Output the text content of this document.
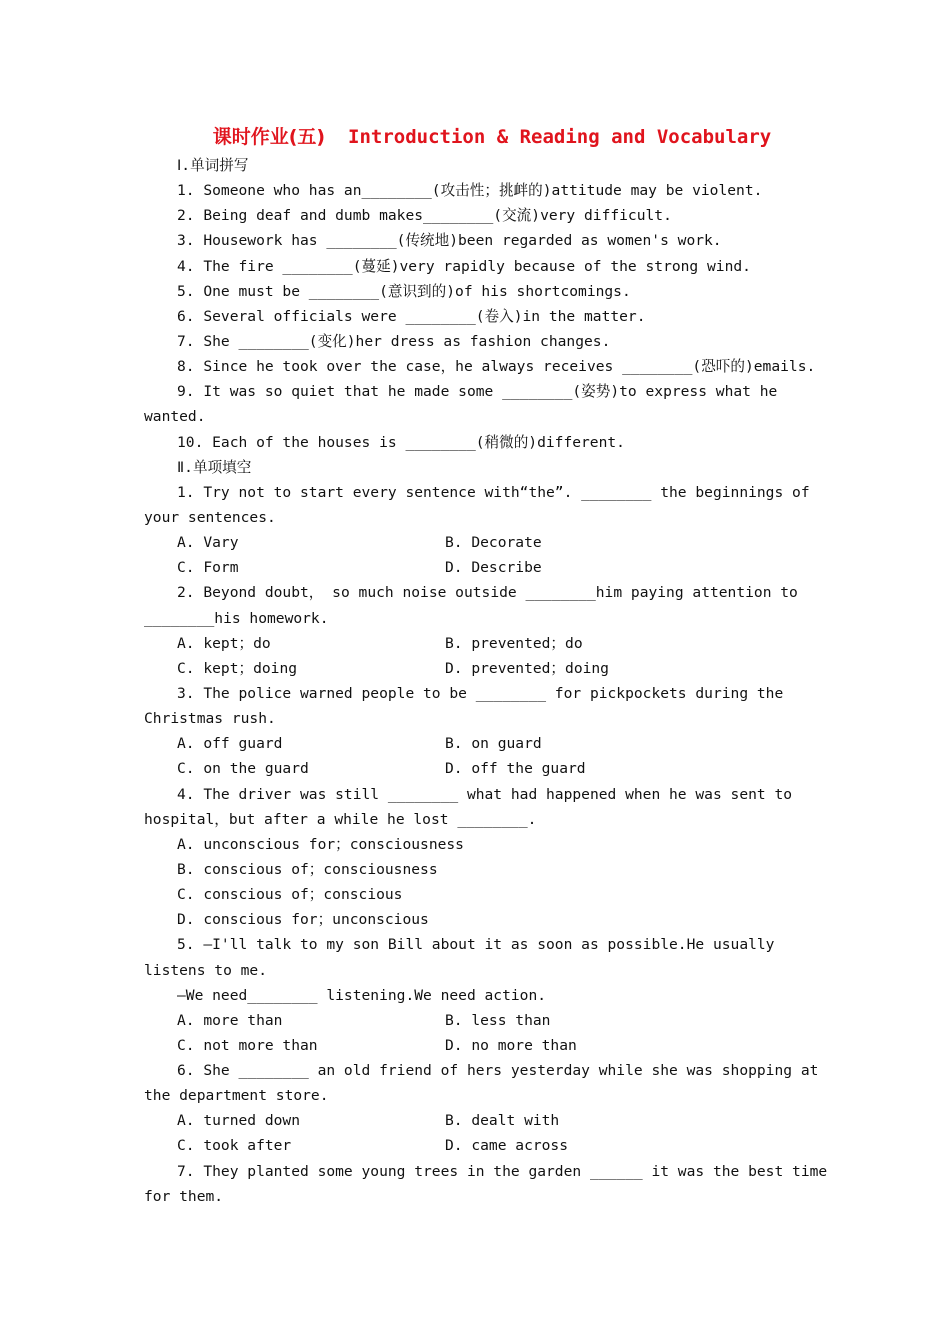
课时作业(五) Introduction & Reading and Vocabulary
Ⅰ.单词拼写
1. Someone who has an________(攻击性；挑衅的)attitude may be violent.
2. Being deaf and dumb makes________(交流)very difficult.
3. Housework has ________(传统地)been regarded as women's work.
4. The fire ________(蔓延)very rapidly because of the strong wind.
5. One must be ________(意识到的)of his shortcomings.
6. Several officials were ________(卷入)in the matter.
7. She ________(变化)her dress as fashion changes.
8. Since he took over the case，he always receives ________(恐吓的)emails.
9. It was so quiet that he made some ________(姿势)to express what he
wanted.
10. Each of the houses is ________(稍微的)different.
Ⅱ.单项填空
1. Try not to start every sentence with“the”. ________ the beginnings of
your sentences.
A. Vary	B. Decorate
C. Form	D. Describe
2. Beyond doubt， so much noise outside ________him paying attention to
________his homework.
A. kept；do	B. prevented；do
C. kept；doing	D. prevented；doing
3. The police warned people to be ________ for pickpockets during the
Christmas rush.
A. off guard	B. on guard
C. on the guard	D. off the guard
4. The driver was still ________ what had happened when he was sent to
hospital，but after a while he lost ________.
A. unconscious for；consciousness
B. conscious of；consciousness
C. conscious of；conscious
D. conscious for；unconscious
5. —I'll talk to my son Bill about it as soon as possible.He usually
listens to me.
—We need________ listening.We need action.
A. more than	B. less than
C. not more than	D. no more than
6. She ________ an old friend of hers yesterday while she was shopping at
the department store.
A. turned down	B. dealt with
C. took after	D. came across
7. They planted some young trees in the garden ______ it was the best time
for them.
